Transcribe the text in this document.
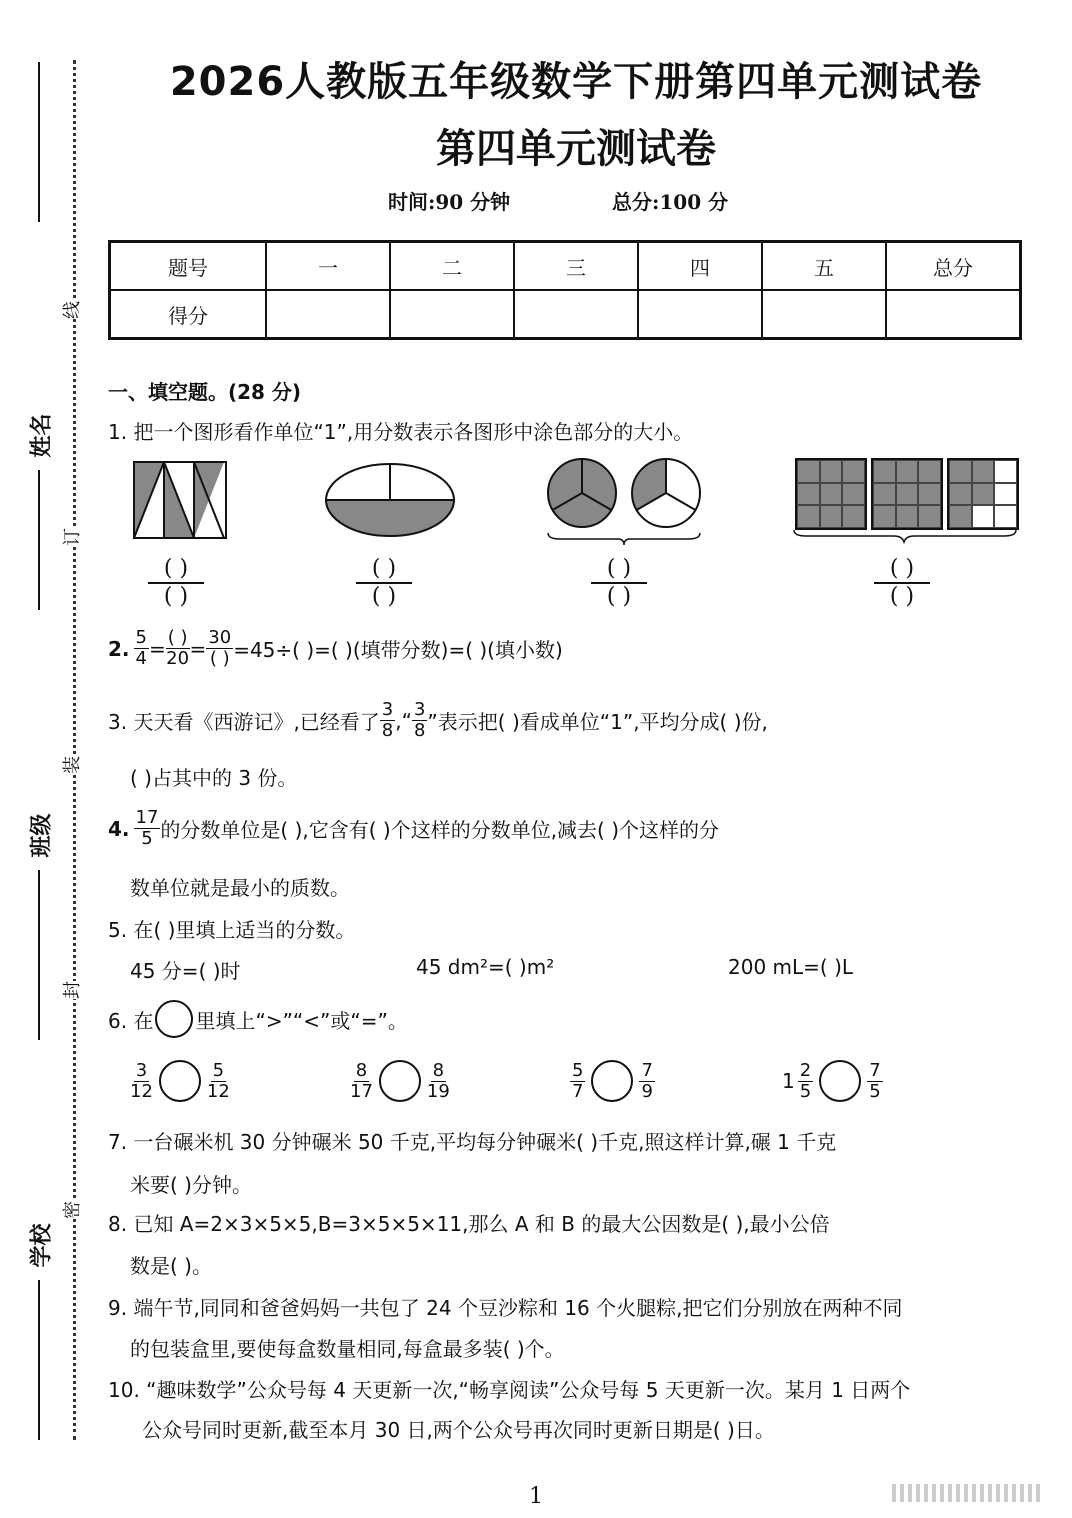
姓名
班级
学校
线
订
装
封
密
2026人教版五年级数学下册第四单元测试卷
第四单元测试卷
时间:90 分钟	总分:100 分
题号	一	二	三	四	五	总分
得分						
一、填空题。(28 分)
1. 把一个图形看作单位“1”,用分数表示各图形中涂色部分的大小。
( )
( )
( )
( )
( )
( )
( )
( )
2. $\frac{5}{4} = \frac{( )}{20} = \frac{30}{( )} =45\div$( )=( )(填带分数)=( )(填小数)
3. 天天看《西游记》,已经看了 $\frac{3}{8}$ ,“ $\frac{3}{8}$ ”表示把( )看成单位“1”,平均分成( )份,
( )占其中的 3 份。
4. $\frac{17}{5}$ 的分数单位是( ),它含有( )个这样的分数单位,减去( )个这样的分
数单位就是最小的质数。
5. 在( )里填上适当的分数。
45 分=( )时	45 dm²=( )m²	200 mL=( )L
6. 在 里填上“>”“<”或“=”。
$\frac{3}{12}$	$\frac{5}{12}$	$\frac{8}{17}$	$\frac{8}{19}$	$\frac{5}{7}$	$\frac{7}{9}$	$1 \frac{2}{5}$	$\frac{7}{5}$
7. 一台碾米机 30 分钟碾米 50 千克,平均每分钟碾米( )千克,照这样计算,碾 1 千克
米要( )分钟。
8. 已知 A=2×3×5×5,B=3×5×5×11,那么 A 和 B 的最大公因数是( ),最小公倍
数是( )。
9. 端午节,同同和爸爸妈妈一共包了 24 个豆沙粽和 16 个火腿粽,把它们分别放在两种不同
的包装盒里,要使每盒数量相同,每盒最多装( )个。
10. “趣味数学”公众号每 4 天更新一次,“畅享阅读”公众号每 5 天更新一次。某月 1 日两个
公众号同时更新,截至本月 30 日,两个公众号再次同时更新日期是( )日。
1
